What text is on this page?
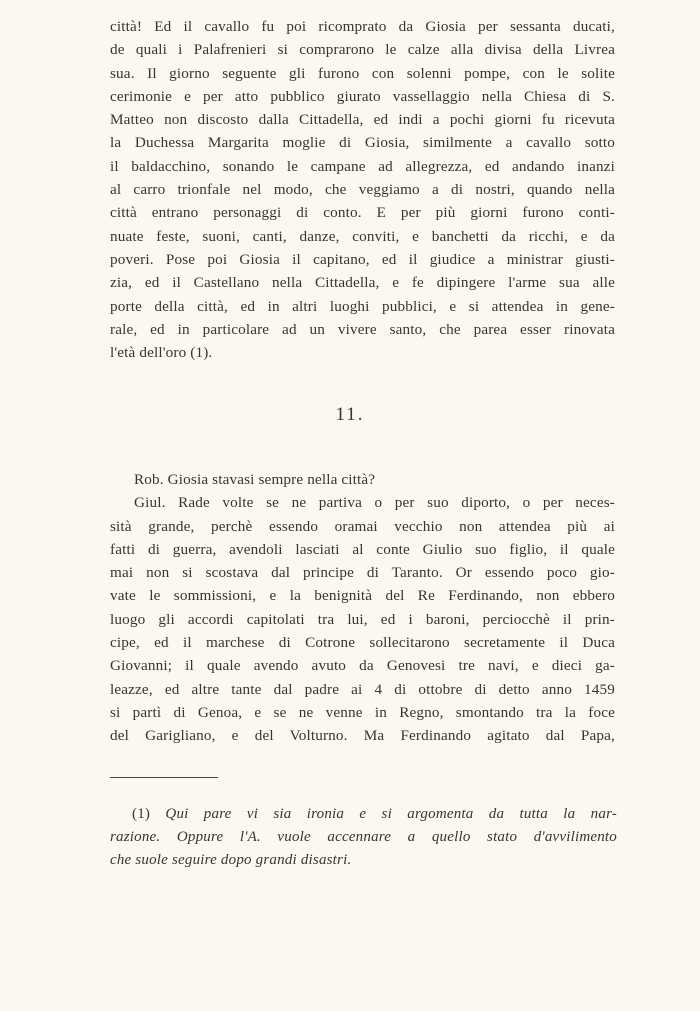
città! Ed il cavallo fu poi ricomprato da Giosia per sessanta ducati,
de quali i Palafrenieri si comprarono le calze alla divisa della Livrea
sua. Il giorno seguente gli furono con solenni pompe, con le solite
cerimonie e per atto pubblico giurato vassellaggio nella Chiesa di S.
Matteo non discosto dalla Cittadella, ed indi a pochi giorni fu ricevuta
la Duchessa Margarita moglie di Giosia, similmente a cavallo sotto
il baldacchino, sonando le campane ad allegrezza, ed andando inanzi
al carro trionfale nel modo, che veggiamo a di nostri, quando nella
città entrano personaggi di conto. E per più giorni furono conti-
nuate feste, suoni, canti, danze, conviti, e banchetti da ricchi, e da
poveri. Pose poi Giosia il capitano, ed il giudice a ministrar giusti-
zia, ed il Castellano nella Cittadella, e fe dipingere l'arme sua alle
porte della città, ed in altri luoghi pubblici, e si attendea in gene-
rale, ed in particolare ad un vivere santo, che parea esser rinovata
l'età dell'oro (1).
11.
Rob. Giosia stavasi sempre nella città?
Giul. Rade volte se ne partiva o per suo diporto, o per neces-
sità grande, perchè essendo oramai vecchio non attendea più ai
fatti di guerra, avendoli lasciati al conte Giulio suo figlio, il quale
mai non si scostava dal principe di Taranto. Or essendo poco gio-
vate le sommissioni, e la benignità del Re Ferdinando, non ebbero
luogo gli accordi capitolati tra lui, ed i baroni, perciocchè il prin-
cipe, ed il marchese di Cotrone sollecitarono secretamente il Duca
Giovanni; il quale avendo avuto da Genovesi tre navi, e dieci ga-
leazze, ed altre tante dal padre ai 4 di ottobre di detto anno 1459
si partì di Genoa, e se ne venne in Regno, smontando tra la foce
del Garigliano, e del Volturno. Ma Ferdinando agitato dal Papa,
(1) Qui pare vi sia ironia e si argomenta da tutta la nar-
razione. Oppure l'A. vuole accennare a quello stato d'avvilimento
che suole seguire dopo grandi disastri.
